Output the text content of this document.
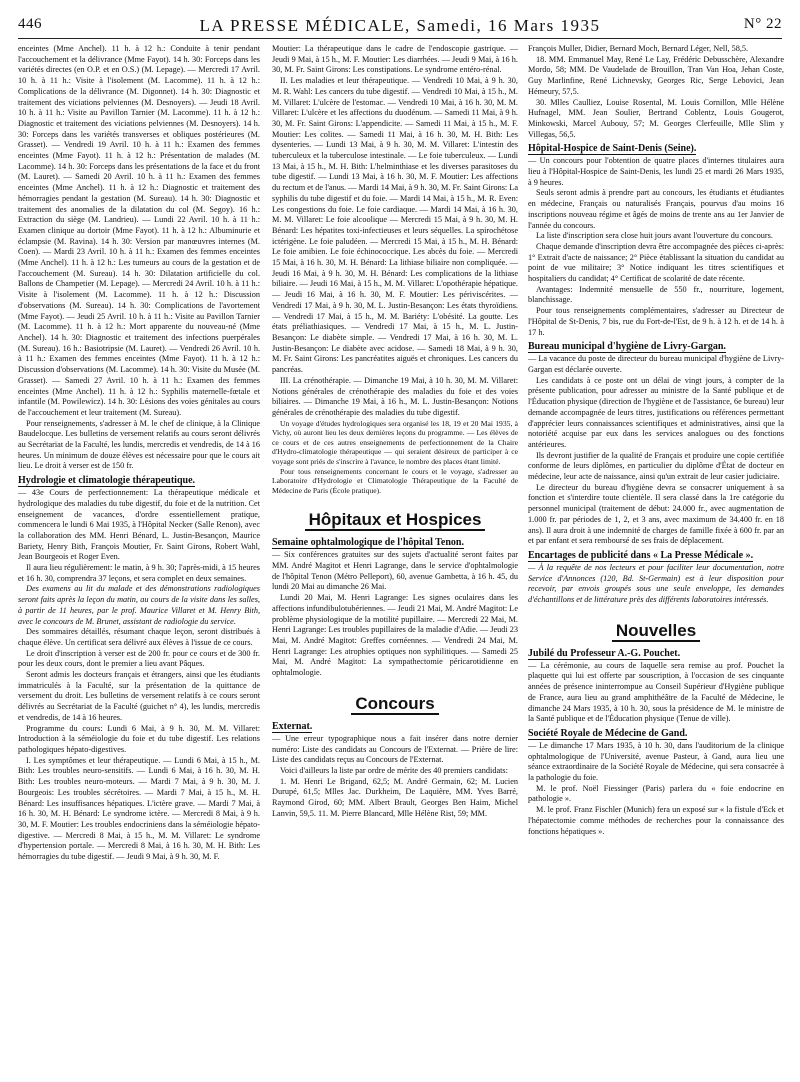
446	LA PRESSE MÉDICALE, Samedi, 16 Mars 1935	N° 22

enceintes (Mme Anchel). 11 h. à 12 h.: Conduite à tenir pendant l'accouchement et la délivrance (Mme Fayot). 14 h. 30: Forceps dans les variétés directes (en O.P. et en O.S.) (M. Lepage). — Mercredi 17 Avril. 10 h. à 11 h.: Visite à l'isolement (M. Lacomme). 11 h. à 12 h.: Complications de la délivrance (M. Digonnet). 14 h. 30: Diagnostic et traitement des viciations pelviennes (M. Desnoyers). — Jeudi 18 Avril. 10 h. à 11 h.: Visite au Pavillon Tarnier (M. Lacomme). 11 h. à 12 h.: Diagnostic et traitement des viciations pelviennes (M. Desnoyers). 14 h. 30: Forceps dans les variétés transverses et obliques postérieures (M. Grasset). — Vendredi 19 Avril. 10 h. à 11 h.: Examen des femmes enceintes (Mme Fayot). 11 h. à 12 h.: Présentation de malades (M. Lacomme). 14 h. 30: Forceps dans les présentations de la face et du front (M. Lauret). — Samedi 20 Avril. 10 h. à 11 h.: Examen des femmes enceintes (Mme Anchel). 11 h. à 12 h.: Diagnostic et traitement des hémorragies pendant la gestation (M. Sureau). 14 h. 30: Diagnostic et traitement des anomalies de la dilatation du col (M. Segoy). 16 h.: Extraction du siège (M. Landrieu). — Lundi 22 Avril. 10 h. à 11 h.: Examen clinique au dortoir (Mme Fayot). 11 h. à 12 h.: Albuminurie et éclampsie (M. Ravina). 14 h. 30: Version par manœuvres internes (M. Coen). — Mardi 23 Avril. 10 h. à 11 h.: Examen des femmes enceintes (Mme Anchel). 11 h. à 12 h.: Les tumeurs au cours de la gestation et de l'accouchement (M. Sureau). 14 h. 30: Dilatation artificielle du col. Ballons de Champetier (M. Lepage). — Mercredi 24 Avril. 10 h. à 11 h.: Visite à l'isolement (M. Lacomme). 11 h. à 12 h.: Discussion d'observations (M. Sureau). 14 h. 30: Complications de l'avortement (Mme Fayot). — Jeudi 25 Avril. 10 h. à 11 h.: Visite au Pavillon Tarnier (M. Lacomme). 11 h. à 12 h.: Mort apparente du nouveau-né (Mme Anchel). 14 h. 30: Diagnostic et traitement des infections puerpérales (M. Sureau). 16 h.: Basiotripsie (M. Lauret). — Vendredi 26 Avril. 10 h. à 11 h.: Examen des femmes enceintes (Mme Fayot). 11 h. à 12 h.: Discussion d'observations (M. Lacomme). 14 h. 30: Visite du Musée (M. Grasset). — Samedi 27 Avril. 10 h. à 11 h.: Examen des femmes enceintes (Mme Anchel). 11 h. à 12 h.: Syphilis maternelle-fœtale et infantile (M. Powilewicz). 14 h. 30: Lésions des voies génitales au cours de l'accouchement et leur traitement (M. Sureau).

Pour renseignements, s'adresser à M. le chef de clinique, à la Clinique Baudelocque. Les bulletins de versement relatifs au cours seront délivrés au Secrétariat de la Faculté, les lundis, mercredis et vendredis, de 14 à 16 heures. Un minimum de douze élèves est nécessaire pour que le cours ait lieu. Le droit à verser est de 150 fr.

Hydrologie et climatologie thérapeutique.

— 43e Cours de perfectionnement: La thérapeutique médicale et hydrologique des maladies du tube digestif, du foie et de la nutrition. Cet enseignement de vacances, d'ordre essentiellement pratique, commencera le lundi 6 Mai 1935, à l'Hôpital Necker (Salle Renon), avec la collaboration des MM. Henri Bénard, L. Justin-Besançon, Maurice Bariety, Henry Bith, François Moutier, Fr. Saint Girons, Robert Wahl, Jean Bourgeois et Roger Even.

Il aura lieu régulièrement: le matin, à 9 h. 30; l'après-midi, à 15 heures et 16 h. 30, comprendra 37 leçons, et sera complet en deux semaines.

Des examens au lit du malade et des démonstrations radiologiques seront faits après la leçon du matin, au cours de la visite dans les salles, à partir de 11 heures, par le prof. Maurice Villaret et M. Henry Bith, avec le concours de M. Brunet, assistant de radiologie du service.

Des sommaires détaillés, résumant chaque leçon, seront distribués à chaque élève. Un certificat sera délivré aux élèves à l'issue de ce cours.

Le droit d'inscription à verser est de 200 fr. pour ce cours et de 300 fr. pour les deux cours, dont le premier a lieu avant Pâques.

Seront admis les docteurs français et étrangers, ainsi que les étudiants immatriculés à la Faculté, sur la présentation de la quittance de versement du droit. Les bulletins de versement relatifs à ce cours seront délivrés au Secrétariat de la Faculté (guichet n° 4), les lundis, mercredis et vendredis, de 14 à 16 heures.

Programme du cours: Lundi 6 Mai, à 9 h. 30, M. M. Villaret: Introduction à la séméiologie du foie et du tube digestif. Les relations pathologiques hépato-digestives.

I. Les symptômes et leur thérapeutique. — Lundi 6 Mai, à 15 h., M. Bith: Les troubles neuro-sensitifs. — Lundi 6 Mai, à 16 h. 30, M. H. Bith: Les troubles neuro-moteurs. — Mardi 7 Mai, à 9 h. 30, M. J. Bourgeois: Les troubles sécrétoires. — Mardi 7 Mai, à 15 h., M. H. Bénard: Les insuffisances hépatiques. L'ictère grave. — Mardi 7 Mai, à 16 h. 30, M. H. Bénard: Le syndrome ictère. — Mercredi 8 Mai, à 9 h. 30, M. F. Moutier: Les troubles endocriniens dans la séméiologie hépato-digestive. — Mercredi 8 Mai, à 15 h., M. M. Villaret: Le syndrome d'hypertension portale. — Mercredi 8 Mai, à 16 h. 30, M. H. Bith: Les hémorragies du tube digestif. — Jeudi 9 Mai, à 9 h. 30, M. F.

Moutier: La thérapeutique dans le cadre de l'endoscopie gastrique. — Jeudi 9 Mai, à 15 h., M. F. Moutier: Les diarrhées. — Jeudi 9 Mai, à 16 h. 30, M. Fr. Saint Girons: Les constipations. Le syndrome entéro-rénal.

II. Les maladies et leur thérapeutique. — Vendredi 10 Mai, à 9 h. 30, M. R. Wahl: Les cancers du tube digestif. — Vendredi 10 Mai, à 15 h., M. M. Villaret: L'ulcère de l'estomac. — Vendredi 10 Mai, à 16 h. 30, M. M. Villaret: L'ulcère et les affections du duodénum. — Samedi 11 Mai, à 9 h. 30, M. Fr. Saint Girons: L'appendicite. — Samedi 11 Mai, à 15 h., M. F. Moutier: Les colites. — Samedi 11 Mai, à 16 h. 30, M. H. Bith: Les dysenteries. — Lundi 13 Mai, à 9 h. 30, M. M. Villaret: L'intestin des tuberculeux et la tuberculose intestinale. — Le foie tuberculeux. — Lundi 13 Mai, à 15 h., M. H. Bith: L'helminthiase et les diverses parasitoses du tube digestif. — Lundi 13 Mai, à 16 h. 30, M. F. Moutier: Les affections du rectum et de l'anus. — Mardi 14 Mai, à 9 h. 30, M. Fr. Saint Girons: La syphilis du tube digestif et du foie. — Mardi 14 Mai, à 15 h., M. R. Even: Les congestions du foie. Le foie cardiaque. — Mardi 14 Mai, à 16 h. 30, M. M. Villaret: Le foie alcoolique — Mercredi 15 Mai, à 9 h. 30, M. H. Bénard: Les hépatites toxi-infectieuses et leurs séquelles. La spirochétose ictérigène. Le foie paludéen. — Mercredi 15 Mai, à 15 h., M. H. Bénard: Le foie amibien. Le foie échinococcique. Les abcès du foie. — Mercredi 15 Mai, à 16 h. 30, M. H. Bénard: La lithiase biliaire non compliquée. — Jeudi 16 Mai, à 9 h. 30, M. H. Bénard: Les complications de la lithiase biliaire. — Jeudi 16 Mai, à 15 h., M. M. Villaret: L'opothérapie hépatique. — Jeudi 16 Mai, à 16 h. 30, M. F. Moutier: Les périviscérites. — Vendredi 17 Mai, à 9 h. 30, M. L. Justin-Besançon: Les états thyroïdiens. — Vendredi 17 Mai, à 15 h., M. M. Bariéty: L'obésité. La goutte. Les états préliathiasiques. — Vendredi 17 Mai, à 15 h., M. L. Justin-Besançon: Le diabète simple. — Vendredi 17 Mai, à 16 h. 30, M. L. Justin-Besançon: Le diabète avec acidose. — Samedi 18 Mai, à 9 h. 30, M. Fr. Saint Girons: Les pancréatites aiguës et chroniques. Les cancers du pancréas.

III. La crénothérapie. — Dimanche 19 Mai, à 10 h. 30, M. M. Villaret: Notions générales de crénothérapie des maladies du foie et des voies biliaires. — Dimanche 19 Mai, à 16 h., M. L. Justin-Besançon: Notions générales de crénothérapie des maladies du tube digestif.

Un voyage d'études hydrologiques sera organisé les 18, 19 et 20 Mai 1935, à Vichy, où auront lieu les deux dernières leçons du programme. — Les élèves de ce cours et de ces autres enseignements de perfectionnement de la Chaire d'Hydro-climatologie thérapeutique — qui seraient désireux de participer à ce voyage sont priés de s'inscrire à l'avance, le nombre des places étant limité.

Pour tous renseignements concernant le cours et le voyage, s'adresser au Laboratoire d'Hydrologie et Climatologie Thérapeutique de la Faculté de Médecine de Paris (École pratique).

Hôpitaux et Hospices
Semaine ophtalmologique de l'hôpital Tenon.

— Six conférences gratuites sur des sujets d'actualité seront faites par MM. André Magitot et Henri Lagrange, dans le service d'ophtalmologie de l'hôpital Tenon (Métro Pelleport), 60, avenue Gambetta, à 16 h. 45, du lundi 20 Mai au dimanche 26 Mai.

Lundi 20 Mai, M. Henri Lagrange: Les signes oculaires dans les affections infundibulotubériennes. — Jeudi 21 Mai, M. André Magitot: Le problème physiologique de la motilité pupillaire. — Mercredi 22 Mai, M. Henri Lagrange: Les troubles pupillaires de la maladie d'Adie. — Jeudi 23 Mai, M. André Magitot: Greffes cornéennes. — Vendredi 24 Mai, M. Henri Lagrange: Les atrophies optiques non syphilitiques. — Samedi 25 Mai, M. André Magitot: La sympathectomie péricarotidienne en ophtalmologie.

Concours
Externat.

— Une erreur typographique nous a fait insérer dans notre dernier numéro: Liste des candidats au Concours de l'Externat. — Prière de lire: Liste des candidats reçus au Concours de l'Externat.

Voici d'ailleurs la liste par ordre de mérite des 40 premiers candidats:

1. M. Henri Le Brigand, 62,5; M. André Germain, 62; M. Lucien Durupé, 61,5; Mlles Jac. Durkheim, De Laquière, MM. Yves Barré, Raymond Girod, 60; MM. Albert Brault, Georges Ben Haim, Michel Lanvin, 59,5. 11. M. Pierre Blancard, Mlle Hélène Rist, 59; MM.

François Muller, Didier, Bernard Moch, Bernard Léger, Nell, 58,5.

18. MM. Emmanuel May, René Le Lay, Frédéric Debusschère, Alexandre Mordo, 58; MM. De Vaudelade de Brouillon, Tran Van Hoa, Jehan Coste, Guy Marlinfine, René Lichnevsky, Georges Ric, Serge Lebovici, Jean Hémeury, 57,5.

30. Mlles Caulliez, Louise Rosental, M. Louis Cornillon, Mlle Hélène Hufnagel, MM. Jean Soulier, Bertrand Coblentz, Louis Gougerot, Minkowski, Marcel Aubouy, 57; M. Georges Clerfeuille, Mlle Slim y Villegas, 56,5.

Hôpital-Hospice de Saint-Denis (Seine).

— Un concours pour l'obtention de quatre places d'internes titulaires aura lieu à l'Hôpital-Hospice de Saint-Denis, les lundi 25 et mardi 26 Mars 1935, à 9 heures.

Seuls seront admis à prendre part au concours, les étudiants et étudiantes en médecine, Français ou naturalisés Français, pourvus d'au moins 16 inscriptions nouveau régime et âgés de moins de trente ans au 1er Janvier de l'année du concours.

La liste d'inscription sera close huit jours avant l'ouverture du concours.

Chaque demande d'inscription devra être accompagnée des pièces ci-après: 1° Extrait d'acte de naissance; 2° Pièce établissant la situation du candidat au point de vue militaire; 3° Notice indiquant les titres scientifiques et hospitaliers du candidat; 4° Certificat de scolarité de date récente.

Avantages: Indemnité mensuelle de 550 fr., nourriture, logement, blanchissage.

Pour tous renseignements complémentaires, s'adresser au Directeur de l'Hôpital de St-Denis, 7 bis, rue du Fort-de-l'Est, de 9 h. à 12 h. et de 14 h. à 17 h.

Bureau municipal d'hygiène de Livry-Gargan.

— La vacance du poste de directeur du bureau municipal d'hygiène de Livry-Gargan est déclarée ouverte.

Les candidats à ce poste ont un délai de vingt jours, à compter de la présente publication, pour adresser au ministre de la Santé publique et de l'Éducation physique (direction de l'hygiène et de l'assistance, 6e bureau) leur demande accompagnée de leurs titres, justifications ou références permettant d'apprécier leurs connaissances scientifiques et administratives, ainsi que la notoriété acquise par eux dans les services analogues ou des fonctions antérieures.

Ils devront justifier de la qualité de Français et produire une copie certifiée conforme de leurs diplômes, en particulier du diplôme d'État de docteur en médecine, leur acte de naissance, ainsi qu'un extrait de leur casier judiciaire.

Le directeur du bureau d'hygiène devra se consacrer uniquement à sa fonction et s'interdire toute clientèle. Il sera classé dans la 1re catégorie du personnel municipal (traitement de début: 24.000 fr., avec augmentation de 1.000 fr. par périodes de 1, 2, et 3 ans, avec maximum de 34.400 fr. en 18 ans). Il aura droit à une indemnité de charges de famille fixée à 600 fr. par an et par enfant et sera remboursé de ses frais de déplacement.

Encartages de publicité dans « La Presse Médicale ».

— À la requête de nos lecteurs et pour faciliter leur documentation, notre Service d'Annonces (120, Bd. St-Germain) est à leur disposition pour recevoir, par envois groupés sous une seule enveloppe, les demandes d'échantillons et de littérature près des différents laboratoires intéressés.

Nouvelles
Jubilé du Professeur A.-G. Pouchet.

— La cérémonie, au cours de laquelle sera remise au prof. Pouchet la plaquette qui lui est offerte par souscription, à l'occasion de ses cinquante années de présence ininterrompue au Conseil Supérieur d'Hygiène publique de France, aura lieu au grand amphithéâtre de la Faculté de Médecine, le dimanche 24 Mars 1935, à 10 h. 30, sous la présidence de M. le ministre de la Santé publique et de l'Éducation physique (Tenue de ville).

Société Royale de Médecine de Gand.

— Le dimanche 17 Mars 1935, à 10 h. 30, dans l'auditorium de la clinique ophtalmologique de l'Université, avenue Pasteur, à Gand, aura lieu une séance extraordinaire de la Société Royale de Médecine, qui sera consacrée à la pathologie du foie.

M. le prof. Noël Fiessinger (Paris) parlera du « foie endocrine en pathologie ».

M. le prof. Franz Fischler (Munich) fera un exposé sur « la fistule d'Eck et l'hépatectomie comme méthodes de recherches pour la connaissance des fonctions hépatiques ».
